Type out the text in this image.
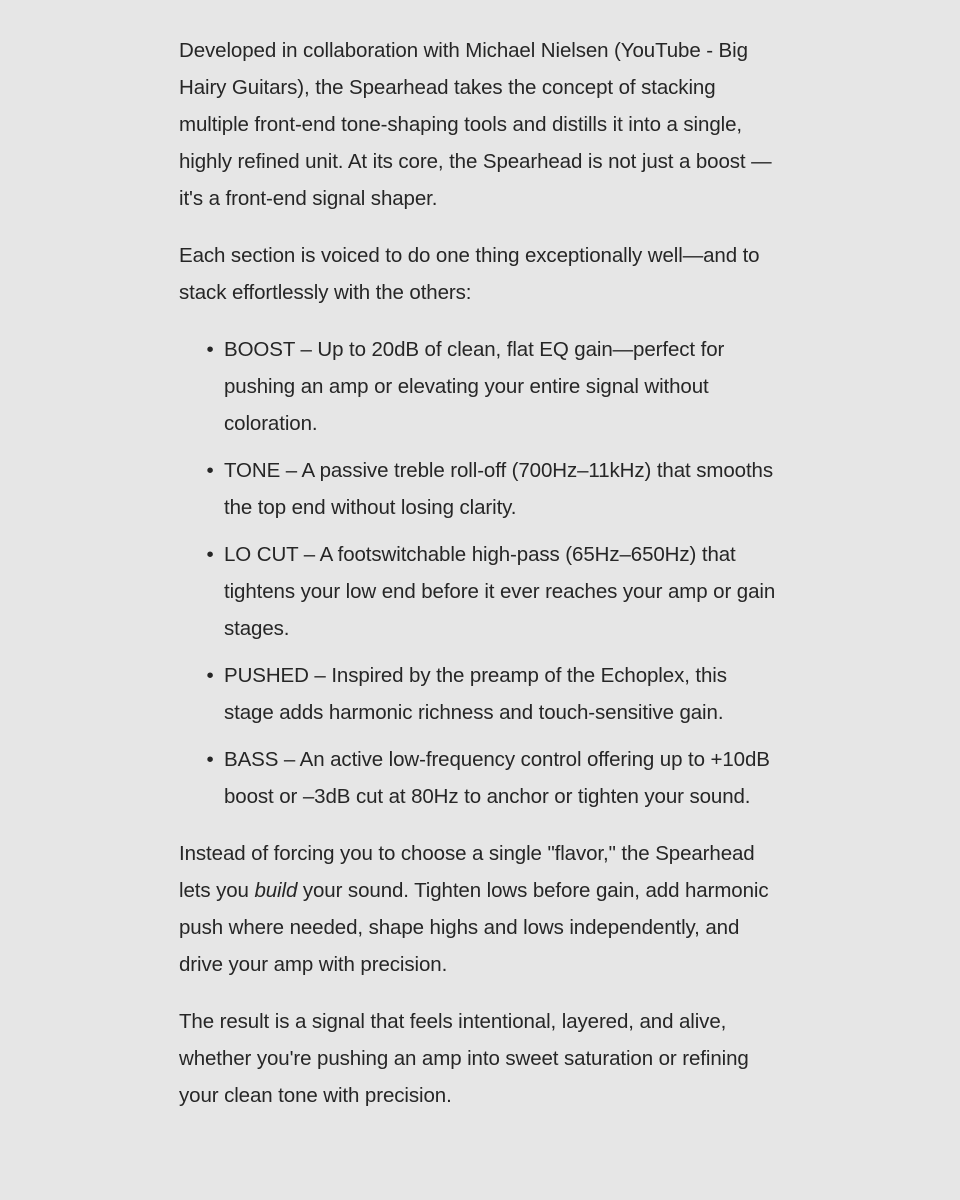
Developed in collaboration with Michael Nielsen (YouTube - Big Hairy Guitars), the Spearhead takes the concept of stacking multiple front-end tone-shaping tools and distills it into a single, highly refined unit. At its core, the Spearhead is not just a boost —it's a front-end signal shaper.

Each section is voiced to do one thing exceptionally well—and to stack effortlessly with the others:

• BOOST – Up to 20dB of clean, flat EQ gain—perfect for pushing an amp or elevating your entire signal without coloration.
• TONE – A passive treble roll-off (700Hz–11kHz) that smooths the top end without losing clarity.
• LO CUT – A footswitchable high-pass (65Hz–650Hz) that tightens your low end before it ever reaches your amp or gain stages.
• PUSHED – Inspired by the preamp of the Echoplex, this stage adds harmonic richness and touch-sensitive gain.
• BASS – An active low-frequency control offering up to +10dB boost or –3dB cut at 80Hz to anchor or tighten your sound.

Instead of forcing you to choose a single "flavor," the Spearhead lets you build your sound. Tighten lows before gain, add harmonic push where needed, shape highs and lows independently, and drive your amp with precision.

The result is a signal that feels intentional, layered, and alive, whether you're pushing an amp into sweet saturation or refining your clean tone with precision.
